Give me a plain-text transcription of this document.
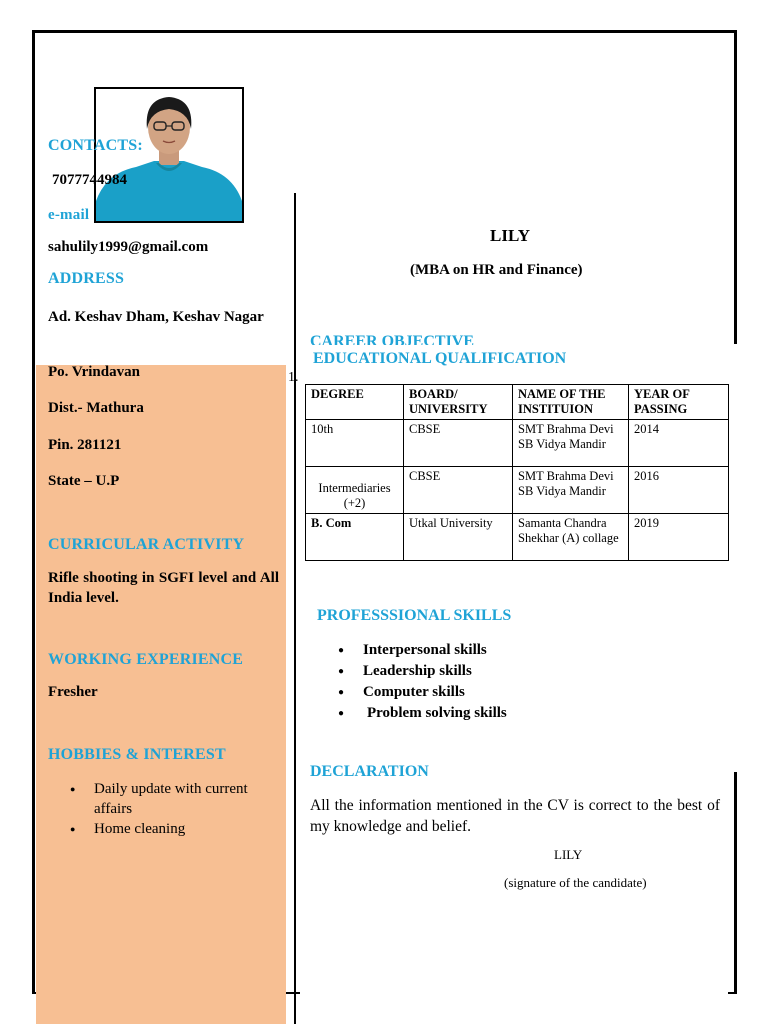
CONTACTS:
7077744984
e-mail
sahulily1999@gmail.com
ADDRESS
Ad. Keshav Dham, Keshav Nagar
Po. Vrindavan
Dist.- Mathura
Pin. 281121
State – U.P
CURRICULAR ACTIVITY
Rifle shooting in SGFI level and All India level.
WORKING EXPERIENCE
Fresher
HOBBIES & INTEREST
● Daily update with current affairs
● Home cleaning
LILY
(MBA on HR and Finance)
CAREER OBJECTIVE
EDUCATIONAL QUALIFICATION
1.
DEGREE	BOARD/ UNIVERSITY	NAME OF THE INSTITUION	YEAR OF PASSING
10th	CBSE	SMT Brahma Devi SB Vidya Mandir	2014
Intermediaries (+2)	CBSE	SMT Brahma Devi SB Vidya Mandir	2016
B. Com	Utkal University	Samanta Chandra Shekhar (A) collage	2019
PROFESSSIONAL SKILLS
● Interpersonal skills
● Leadership skills
● Computer skills
● Problem solving skills
DECLARATION
All the information mentioned in the CV is correct to the best of my knowledge and belief.
LILY
(signature of the candidate)
